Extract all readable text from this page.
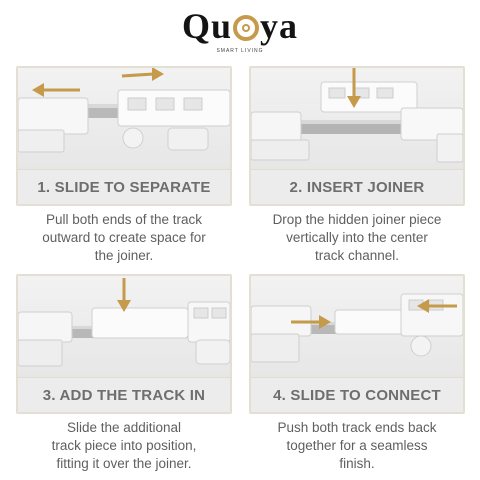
Qu ya
SMART LIVING
1. SLIDE TO SEPARATE	2. INSERT JOINER
3. ADD THE TRACK IN	4. SLIDE TO CONNECT
Pull both ends of the track
outward to create space for
the joiner.
Drop the hidden joiner piece
vertically into the center
track channel.
Slide the additional
track piece into position,
fitting it over the joiner.
Push both track ends back
together for a seamless
finish.
